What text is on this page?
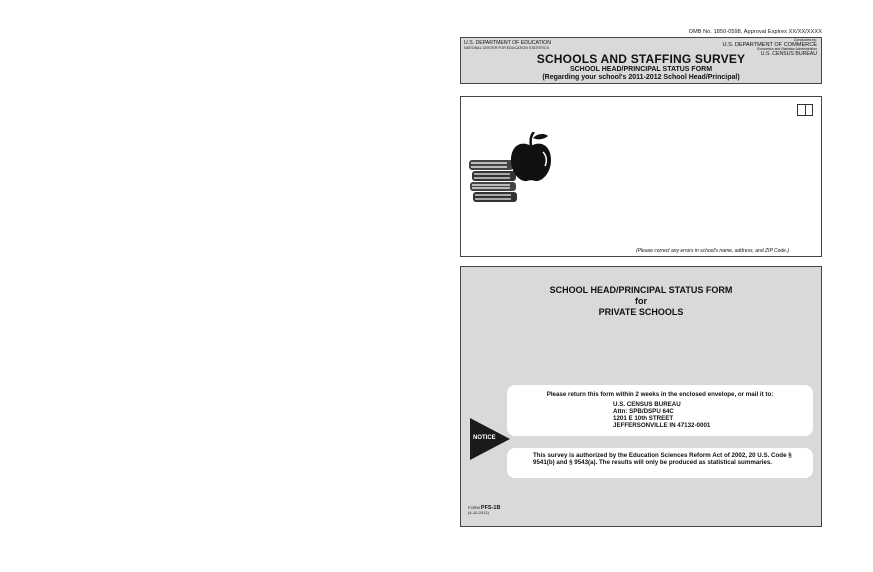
OMB No. 1850-0598, Approval Expires XX/XX/XXXX
U.S. DEPARTMENT OF EDUCATION
NATIONAL CENTER FOR EDUCATION STATISTICS
Conducted by:
U.S. DEPARTMENT OF COMMERCE
Economics and Statistics Administration
U.S. CENSUS BUREAU
SCHOOLS AND STAFFING SURVEY
SCHOOL HEAD/PRINCIPAL STATUS FORM
(Regarding your school's 2011-2012 School Head/Principal)
(Please correct any errors in school's name, address, and ZIP Code.)
SCHOOL HEAD/PRINCIPAL STATUS FORM
for
PRIVATE SCHOOLS
Please return this form within 2 weeks in the enclosed envelope, or mail it to:
U.S. CENSUS BUREAU
Attn: SPB/DSPU 64C
1201 E 10th STREET
JEFFERSONVILLE IN 47132-0001
NOTICE
This survey is authorized by the Education Sciences Reform Act of 2002, 20 U.S. Code § 9541(b) and § 9543(a). The results will only be produced as statistical summaries.
FORM PFS-1B
(4-10-2012)
